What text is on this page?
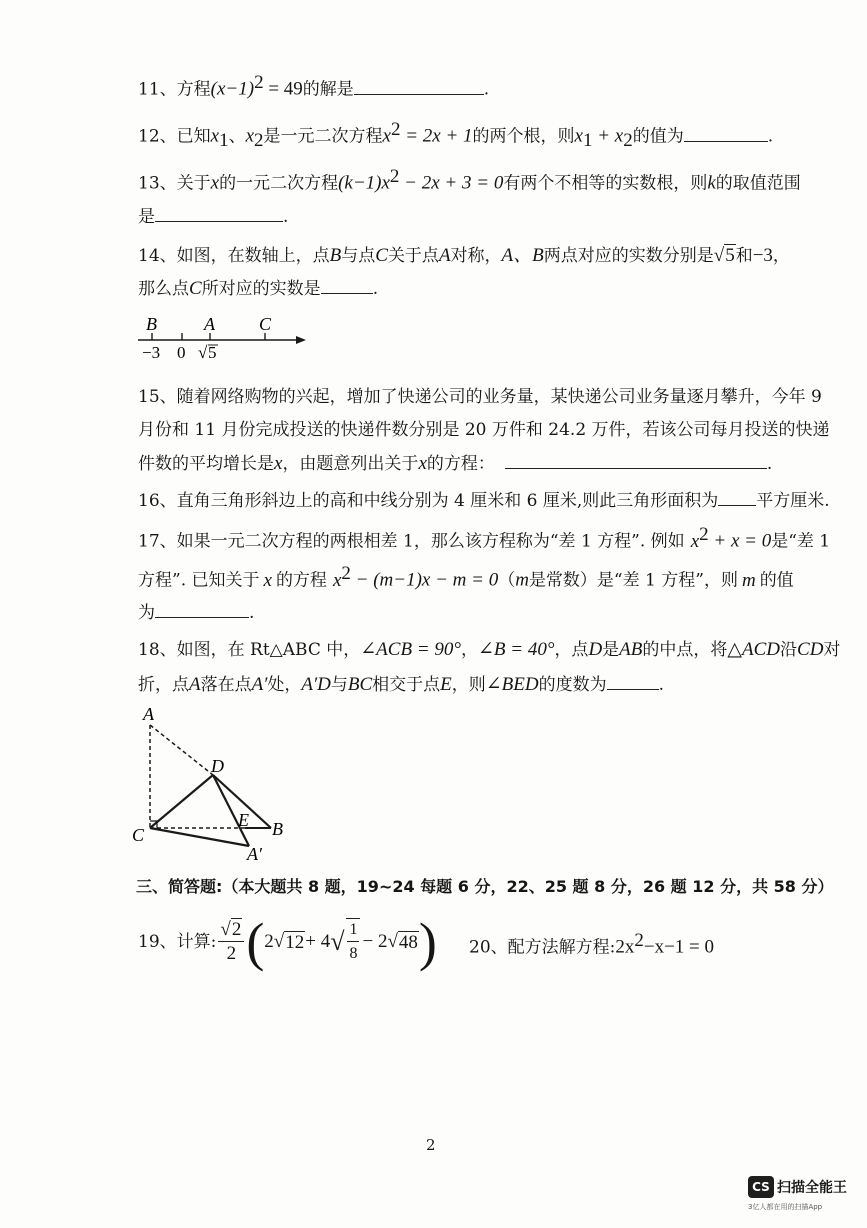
11、方程$(x-1)^2 = 49$的解是	.
12、已知$x_1$、$x_2$是一元二次方程$x^2 = 2x + 1$的两个根，则$x_1 + x_2$的值为	.
13、关于x的一元二次方程$(k-1)x^2 - 2x + 3 = 0$有两个不相等的实数根，则k的取值范围
是	.
14、如图，在数轴上，点B与点C关于点A对称，A、B两点对应的实数分别是√5和−3，
那么点C所对应的实数是	.
B	A C
−3 0 √ 5
15、随着网络购物的兴起，增加了快递公司的业务量，某快递公司业务量逐月攀升，今年 9
月份和 11 月份完成投送的快递件数分别是 20 万件和 24.2 万件，若该公司每月投送的快递
件数的平均增长是x，由题意列出关于x的方程：	.
16、直角三角形斜边上的高和中线分别为 4 厘米和 6 厘米,则此三角形面积为 平方厘米.
17、如果一元二次方程的两根相差 1，那么该方程称为“差 1 方程”. 例如 $x^2 + x = 0$是“差 1
方程”. 已知关于 x 的方程 $x^2 - (m-1)x - m = 0(m$是常数）是“差 1 方程”，则 m 的值
为	.
18、如图，在 Rt△ABC 中，∠ACB = 90°，∠B = 40°，点D是AB的中点，将△ACD沿CD对
折，点A落在点A′处，A′D与BC相交于点E，则∠BED的度数为	.
A
D
C
E B
A′
三、简答题:（本大题共 8 题，19~24 每题 6 分，22、25 题 8 分，26 题 12 分，共 58 分）
19、 计算: $\frac{√2}{2}$ ( 2 √ 12 + 4 √ $\frac{1}{8} - 2$ √ 48 ) 20、配方法解方程$:2x^2-x-1 = 0$
2
CS 扫描全能王
3亿人都在用的扫描App
